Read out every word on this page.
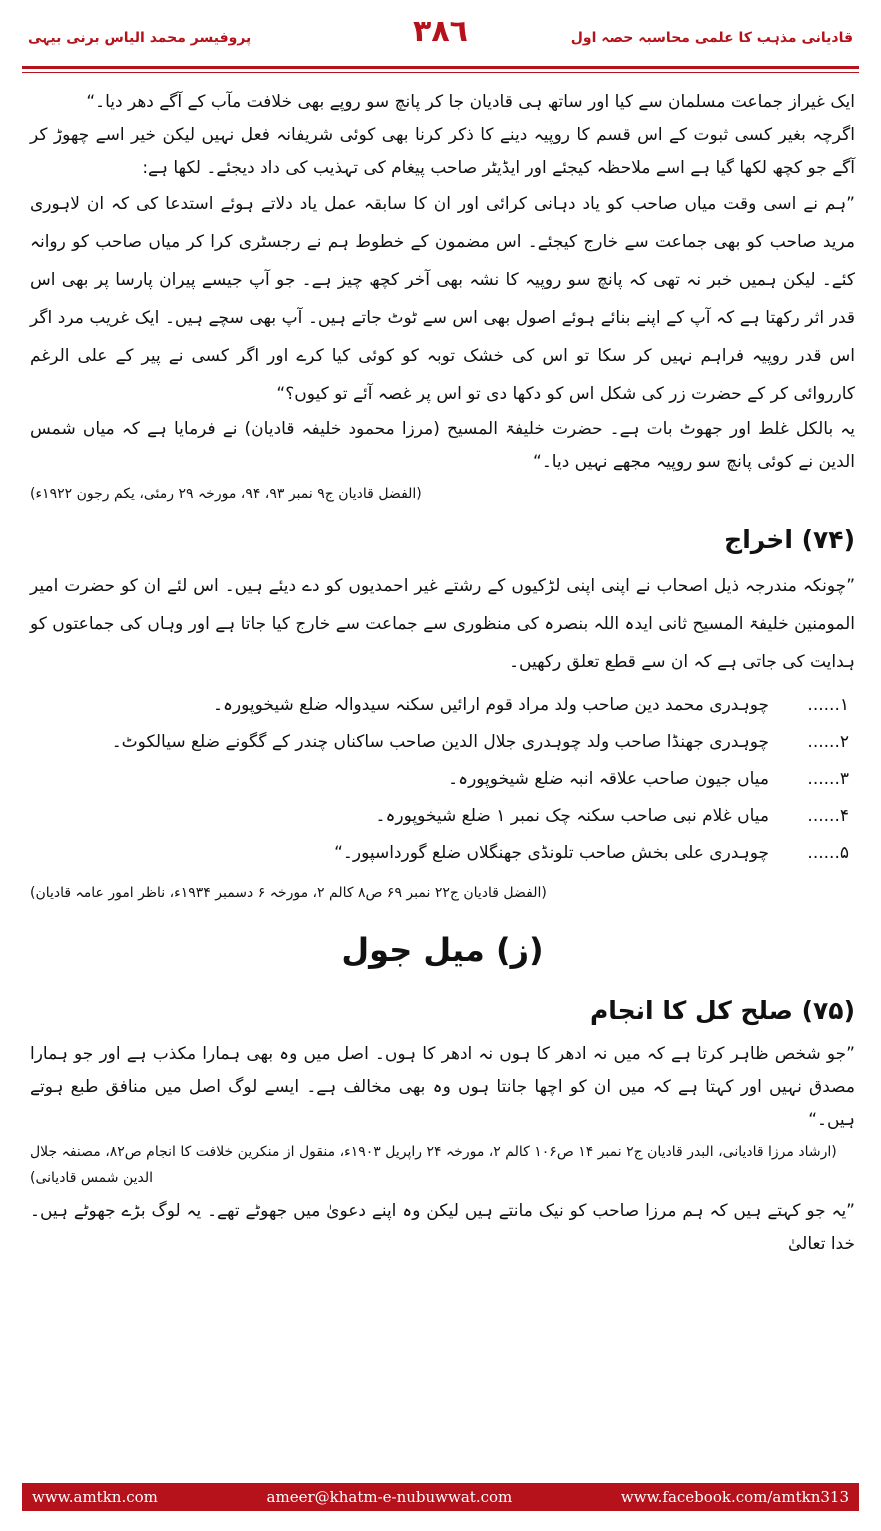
پروفیسر محمد الیاس برنی بیہی	٣٨٦	قادیانی مذہب کا علمی محاسبہ حصہ اول

ایک غیراز جماعت مسلمان سے کیا اور ساتھ ہی قادیان جا کر پانچ سو روپے بھی خلافت مآب کے آگے دھر دیا۔“

اگرچہ بغیر کسی ثبوت کے اس قسم کا روپیہ دینے کا ذکر کرنا بھی کوئی شریفانہ فعل نہیں لیکن خیر اسے چھوڑ کر آگے جو کچھ لکھا گیا ہے اسے ملاحظہ کیجئے اور ایڈیٹر صاحب پیغام کی تہذیب کی داد دیجئے۔ لکھا ہے:

”ہم نے اسی وقت میاں صاحب کو یاد دہانی کرائی اور ان کا سابقہ عمل یاد دلاتے ہوئے استدعا کی کہ ان لاہوری مرید صاحب کو بھی جماعت سے خارج کیجئے۔ اس مضمون کے خطوط ہم نے رجسٹری کرا کر میاں صاحب کو روانہ کئے۔ لیکن ہمیں خبر نہ تھی کہ پانچ سو روپیہ کا نشہ بھی آخر کچھ چیز ہے۔ جو آپ جیسے پیران پارسا پر بھی اس قدر اثر رکھتا ہے کہ آپ کے اپنے بنائے ہوئے اصول بھی اس سے ٹوٹ جاتے ہیں۔ آپ بھی سچے ہیں۔ ایک غریب مرد اگر اس قدر روپیہ فراہم نہیں کر سکا تو اس کی خشک توبہ کو کوئی کیا کرے اور اگر کسی نے پیر کے علی الرغم کارروائی کر کے حضرت زر کی شکل اس کو دکھا دی تو اس پر غصہ آئے تو کیوں؟“

یہ بالکل غلط اور جھوٹ بات ہے۔ حضرت خلیفۃ المسیح (مرزا محمود خلیفہ قادیان) نے فرمایا ہے کہ میاں شمس الدین نے کوئی پانچ سو روپیہ مجھے نہیں دیا۔“

(الفضل قادیان ج۹ نمبر ۹۳، ۹۴، مورخہ ۲۹ رمئی، یکم رجون ۱۹۲۲ء)

(۷۴) اخراج

”چونکہ مندرجہ ذیل اصحاب نے اپنی اپنی لڑکیوں کے رشتے غیر احمدیوں کو دے دیئے ہیں۔ اس لئے ان کو حضرت امیر المومنین خلیفۃ المسیح ثانی ایدہ اللہ بنصرہ کی منظوری سے جماعت سے خارج کیا جاتا ہے اور وہاں کی جماعتوں کو ہدایت کی جاتی ہے کہ ان سے قطع تعلق رکھیں۔

۱......
چوہدری محمد دین صاحب ولد مراد قوم ارائیں سکنہ سیدوالہ ضلع شیخوپورہ۔
۲......
چوہدری جھنڈا صاحب ولد چوہدری جلال الدین صاحب ساکناں چندر کے گگونے ضلع سیالکوٹ۔
۳......
میاں جیون صاحب علاقہ انبہ ضلع شیخوپورہ۔
۴......
میاں غلام نبی صاحب سکنہ چک نمبر ۱ ضلع شیخوپورہ۔
۵......
چوہدری علی بخش صاحب تلونڈی جھنگلاں ضلع گورداسپور۔“

(الفضل قادیان ج۲۲ نمبر ۶۹ ص۸ کالم ۲، مورخہ ۶ دسمبر ۱۹۳۴ء، ناظر امور عامہ قادیان)

(ز) میل جول
(۷۵) صلح کل کا انجام

”جو شخص ظاہر کرتا ہے کہ میں نہ ادھر کا ہوں نہ ادھر کا ہوں۔ اصل میں وہ بھی ہمارا مکذب ہے اور جو ہمارا مصدق نہیں اور کہتا ہے کہ میں ان کو اچھا جانتا ہوں وہ بھی مخالف ہے۔ ایسے لوگ اصل میں منافق طبع ہوتے ہیں۔“

(ارشاد مرزا قادیانی، البدر قادیان ج۲ نمبر ۱۴ ص۱۰۶ کالم ۲، مورخہ ۲۴ راپریل ۱۹۰۳ء، منقول از منکرین خلافت کا انجام ص۸۲، مصنفہ جلال الدین شمس قادیانی)

”یہ جو کہتے ہیں کہ ہم مرزا صاحب کو نیک مانتے ہیں لیکن وہ اپنے دعویٰ میں جھوٹے تھے۔ یہ لوگ بڑے جھوٹے ہیں۔ خدا تعالیٰ

www.amtkn.com	ameer@khatm-e-nubuwwat.com	www.facebook.com/amtkn313
